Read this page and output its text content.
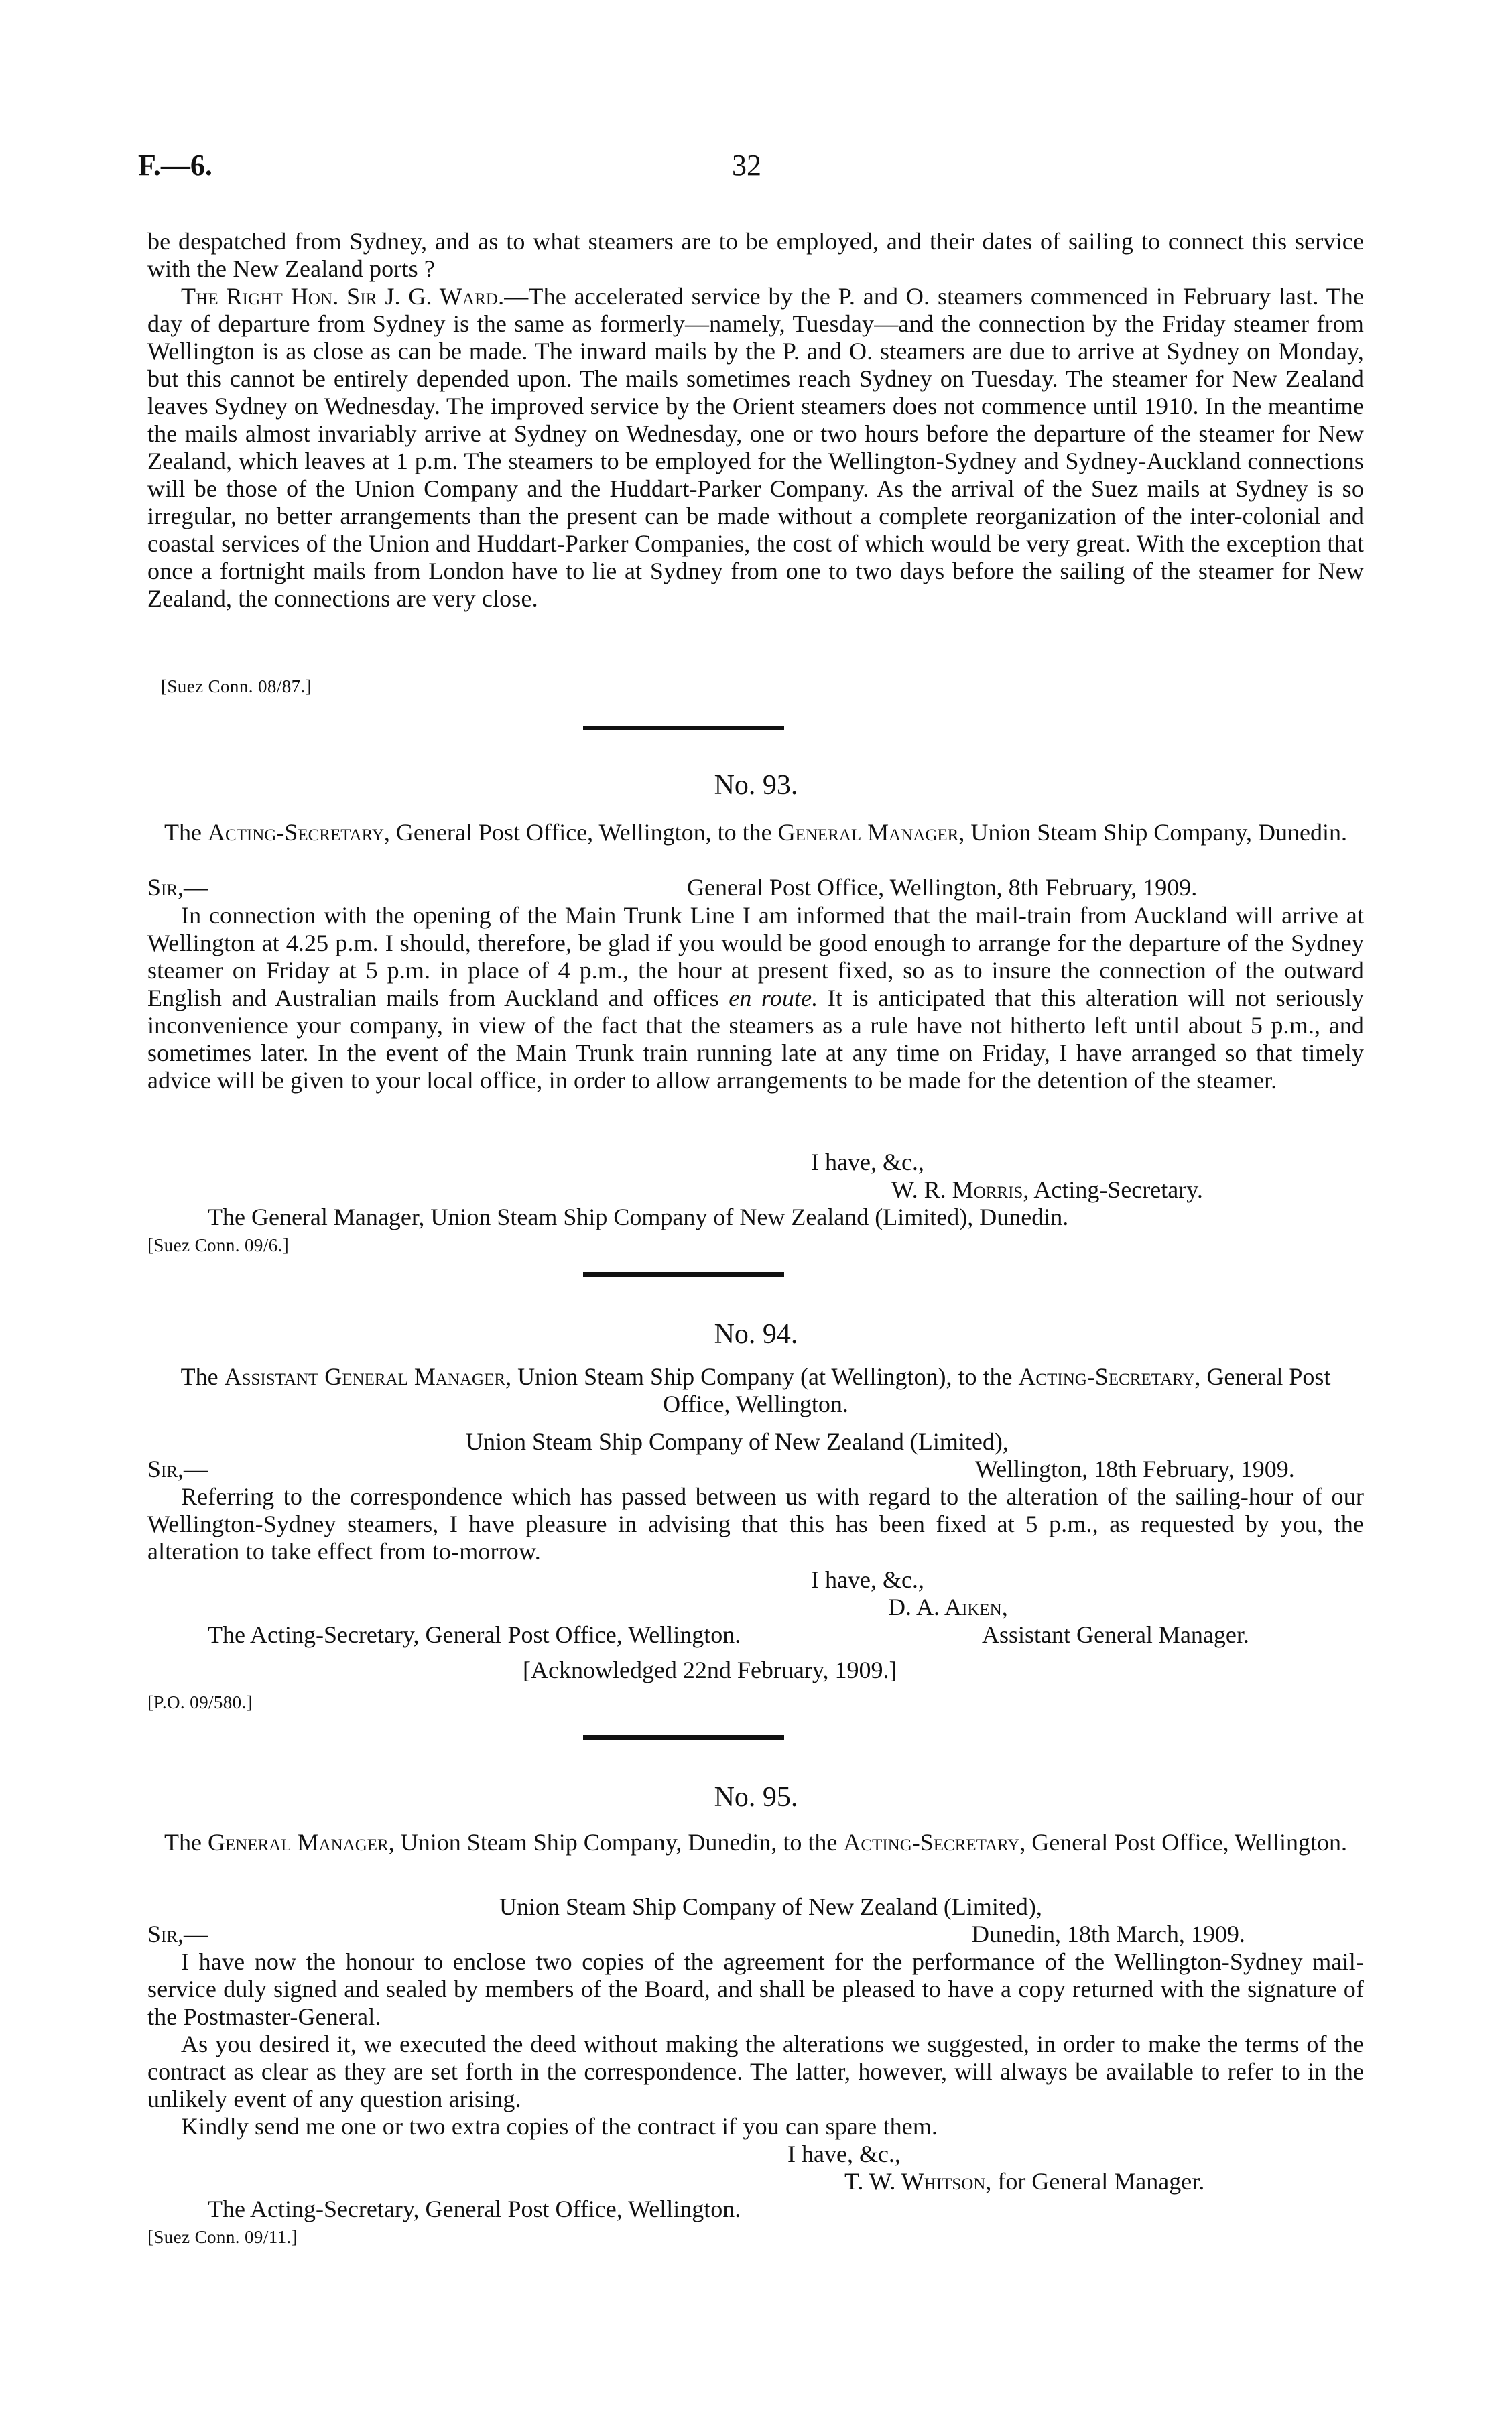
F.—6.	32

be despatched from Sydney, and as to what steamers are to be employed, and their dates of sailing to connect this service with the New Zealand ports ?

The Right Hon. Sir J. G. Ward.—The accelerated service by the P. and O. steamers commenced in February last. The day of departure from Sydney is the same as formerly—namely, Tuesday—and the connection by the Friday steamer from Wellington is as close as can be made. The inward mails by the P. and O. steamers are due to arrive at Sydney on Monday, but this cannot be entirely depended upon. The mails sometimes reach Sydney on Tuesday. The steamer for New Zealand leaves Sydney on Wednesday. The improved service by the Orient steamers does not commence until 1910. In the meantime the mails almost invariably arrive at Sydney on Wednesday, one or two hours before the departure of the steamer for New Zealand, which leaves at 1 p.m. The steamers to be employed for the Wellington-Sydney and Sydney-Auckland connections will be those of the Union Company and the Huddart-Parker Company. As the arrival of the Suez mails at Sydney is so irregular, no better arrangements than the present can be made without a complete reorganization of the inter-colonial and coastal services of the Union and Huddart-Parker Companies, the cost of which would be very great. With the exception that once a fortnight mails from London have to lie at Sydney from one to two days before the sailing of the steamer for New Zealand, the connections are very close.

[Suez Conn. 08/87.]
No. 93.

The Acting-Secretary, General Post Office, Wellington, to the General Manager, Union Steam Ship Company, Dunedin.

Sir,—	General Post Office, Wellington, 8th February, 1909.

In connection with the opening of the Main Trunk Line I am informed that the mail-train from Auckland will arrive at Wellington at 4.25 p.m. I should, therefore, be glad if you would be good enough to arrange for the departure of the Sydney steamer on Friday at 5 p.m. in place of 4 p.m., the hour at present fixed, so as to insure the connection of the outward English and Australian mails from Auckland and offices en route. It is anticipated that this alteration will not seriously inconvenience your company, in view of the fact that the steamers as a rule have not hitherto left until about 5 p.m., and sometimes later. In the event of the Main Trunk train running late at any time on Friday, I have arranged so that timely advice will be given to your local office, in order to allow arrangements to be made for the detention of the steamer.

I have, &c.,
W. R. Morris, Acting-Secretary.
The General Manager, Union Steam Ship Company of New Zealand (Limited), Dunedin.
[Suez Conn. 09/6.]
No. 94.

The Assistant General Manager, Union Steam Ship Company (at Wellington), to the Acting-Secretary, General Post Office, Wellington.

Union Steam Ship Company of New Zealand (Limited),
Sir,—	Wellington, 18th February, 1909.

Referring to the correspondence which has passed between us with regard to the alteration of the sailing-hour of our Wellington-Sydney steamers, I have pleasure in advising that this has been fixed at 5 p.m., as requested by you, the alteration to take effect from to-morrow.

I have, &c.,
D. A. Aiken,
The Acting-Secretary, General Post Office, Wellington.	Assistant General Manager.
[Acknowledged 22nd February, 1909.]
[P.O. 09/580.]
No. 95.

The General Manager, Union Steam Ship Company, Dunedin, to the Acting-Secretary, General Post Office, Wellington.

Union Steam Ship Company of New Zealand (Limited),
Sir,—	Dunedin, 18th March, 1909.

I have now the honour to enclose two copies of the agreement for the performance of the Wellington-Sydney mail-service duly signed and sealed by members of the Board, and shall be pleased to have a copy returned with the signature of the Postmaster-General.

As you desired it, we executed the deed without making the alterations we suggested, in order to make the terms of the contract as clear as they are set forth in the correspondence. The latter, however, will always be available to refer to in the unlikely event of any question arising.

Kindly send me one or two extra copies of the contract if you can spare them.

I have, &c.,
T. W. Whitson, for General Manager.
The Acting-Secretary, General Post Office, Wellington.
[Suez Conn. 09/11.]
